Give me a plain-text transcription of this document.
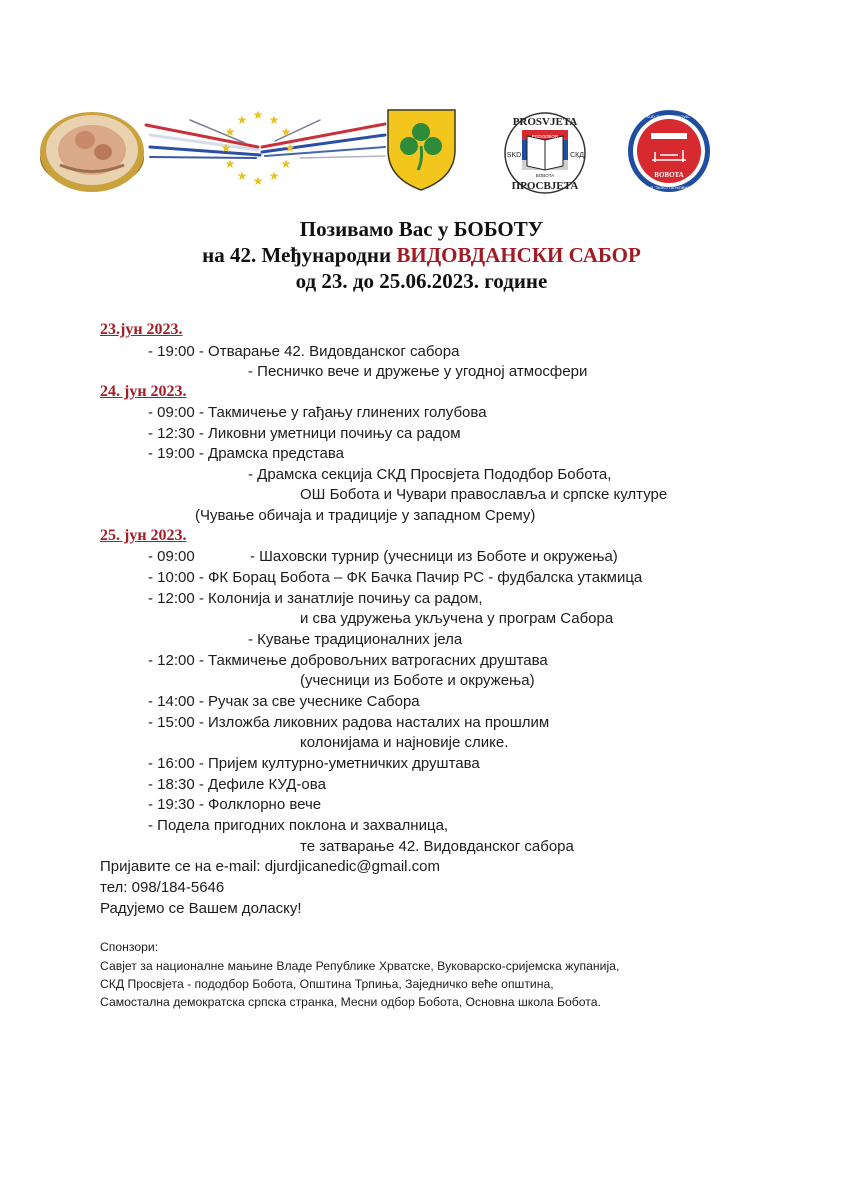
★
★ ★
★	★
★	★
★	★
★ ★
★
PROSVJETA
ПРОСВЈЕТА
SKD	СКД
PODODBOR
BOBOTA	BOBOTA
KUD "ĐOKO PATKOVIĆ"
КУД "ЂОКО ПАТКОВИЋ"
Позивамо Вас у БОБОТУ
на 42. Међународни ВИДОВДАНСКИ САБОР
од 23. до 25.06.2023. године
23.јун 2023.
- 19:00 - Отварање 42. Видовданског сабора
- Песничко вече и дружење у угодној атмосфери
24. јун 2023.
- 09:00 - Такмичење у гађању глинених голубова
- 12:30 - Ликовни уметници почињу са радом
- 19:00 - Драмска представа
- Драмска секција СКД Просвјета Пододбор Бобота,
ОШ Бобота и Чувари православља и српске културе
(Чување обичаја и традиције у западном Срему)
25. јун 2023.
- 09:00	- Шаховски турнир (учесници из Боботе и окружења)
- 10:00 - ФК Борац Бобота – ФК Бачка Пачир РС - фудбалска утакмица
- 12:00 - Колонија и занатлије почињу са радом,
и сва удружења укључена у програм Сабора
- Кување традиционалних јела
- 12:00 - Такмичење добровољних ватрогасних друштава
(учесници из Боботе и окружења)
- 14:00 - Ручак за све учеснике Сабора
- 15:00 - Изложба ликовних радова насталих на прошлим
колонијама и најновије слике.
- 16:00 - Пријем културно-уметничких друштава
- 18:30 - Дефиле КУД-ова
- 19:30 - Фолклорно вече
- Подела пригодних поклона и захвалница,
те затварање 42. Видовданског сабора
Пријавите се на e-mail: djurdjicanedic@gmail.com
тел: 098/184-5646
Радујемо се Вашем доласку!
Спонзори:
Савјет за националне мањине Владе Републике Хрватске, Вуковарско-сријемска жупанија,
СКД Просвјета - пододбор Бобота, Општина Трпиња, Заједничко веће општина,
Самостална демократска српска странка, Месни одбор Бобота, Основна школа Бобота.
